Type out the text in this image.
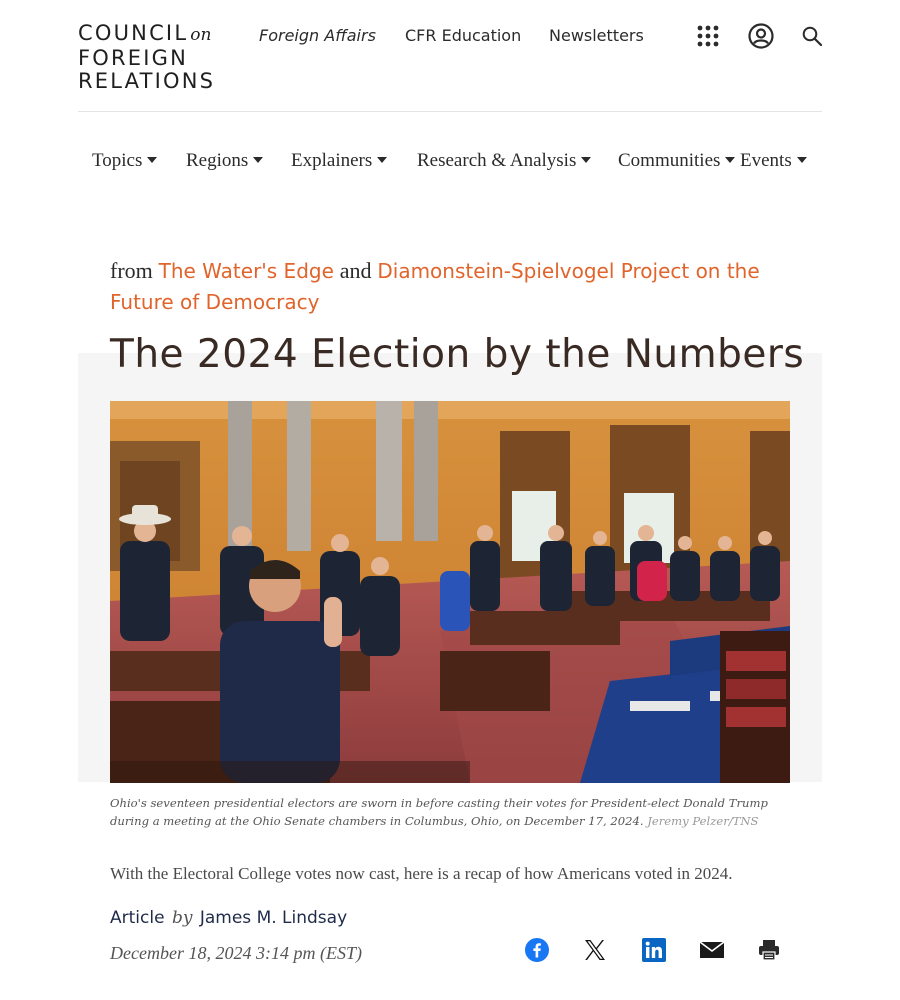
COUNCIL on
FOREIGN
RELATIONS
Foreign Affairs CFR Education Newsletters
Topics	Regions	Explainers	Research & Analysis	Communities	Events
from The Water's Edge and Diamonstein-Spielvogel Project on the Future of Democracy
The 2024 Election by the Numbers
Ohio's seventeen presidential electors are sworn in before casting their votes for President-elect Donald Trump during a meeting at the Ohio Senate chambers in Columbus, Ohio, on December 17, 2024. Jeremy Pelzer/TNS

With the Electoral College votes now cast, here is a recap of how Americans voted in 2024.

Article by James M. Lindsay
December 18, 2024 3:14 pm (EST)
